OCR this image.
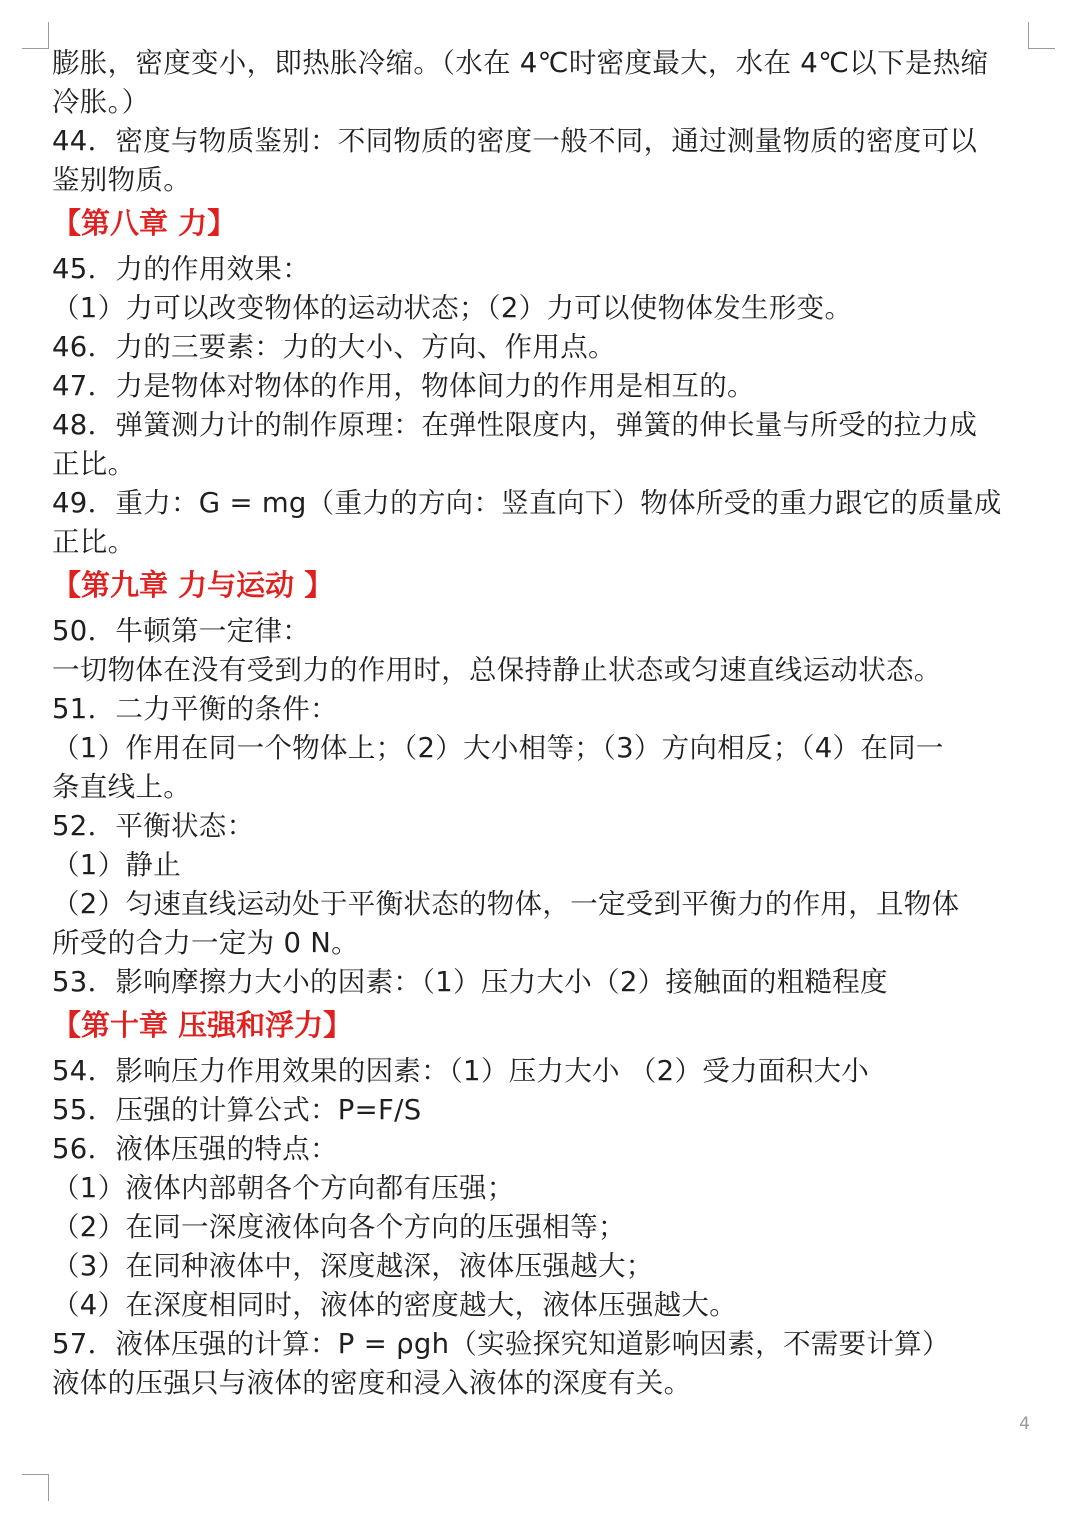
膨胀，密度变小，即热胀冷缩。（水在 4℃时密度最大，水在 4℃以下是热缩
冷胀。）
44．密度与物质鉴别：不同物质的密度一般不同，通过测量物质的密度可以
鉴别物质。
【第八章 力】
45．力的作用效果：
（1）力可以改变物体的运动状态；（2）力可以使物体发生形变。
46．力的三要素：力的大小、方向、作用点。
47．力是物体对物体的作用，物体间力的作用是相互的。
48．弹簧测力计的制作原理：在弹性限度内，弹簧的伸长量与所受的拉力成
正比。
49．重力：G = mg（重力的方向：竖直向下）物体所受的重力跟它的质量成
正比。
【第九章 力与运动 】
50．牛顿第一定律：
一切物体在没有受到力的作用时，总保持静止状态或匀速直线运动状态。
51．二力平衡的条件：
（1）作用在同一个物体上；（2）大小相等；（3）方向相反；（4）在同一
条直线上。
52．平衡状态：
（1）静止
（2）匀速直线运动处于平衡状态的物体，一定受到平衡力的作用，且物体
所受的合力一定为 0 N。
53．影响摩擦力大小的因素：（1）压力大小（2）接触面的粗糙程度
【第十章 压强和浮力】
54．影响压力作用效果的因素：（1）压力大小 （2）受力面积大小
55．压强的计算公式：P=F/S
56．液体压强的特点：
（1）液体内部朝各个方向都有压强；
（2）在同一深度液体向各个方向的压强相等；
（3）在同种液体中，深度越深，液体压强越大；
（4）在深度相同时，液体的密度越大，液体压强越大。
57．液体压强的计算：P = ρgh（实验探究知道影响因素，不需要计算）
液体的压强只与液体的密度和浸入液体的深度有关。
4
